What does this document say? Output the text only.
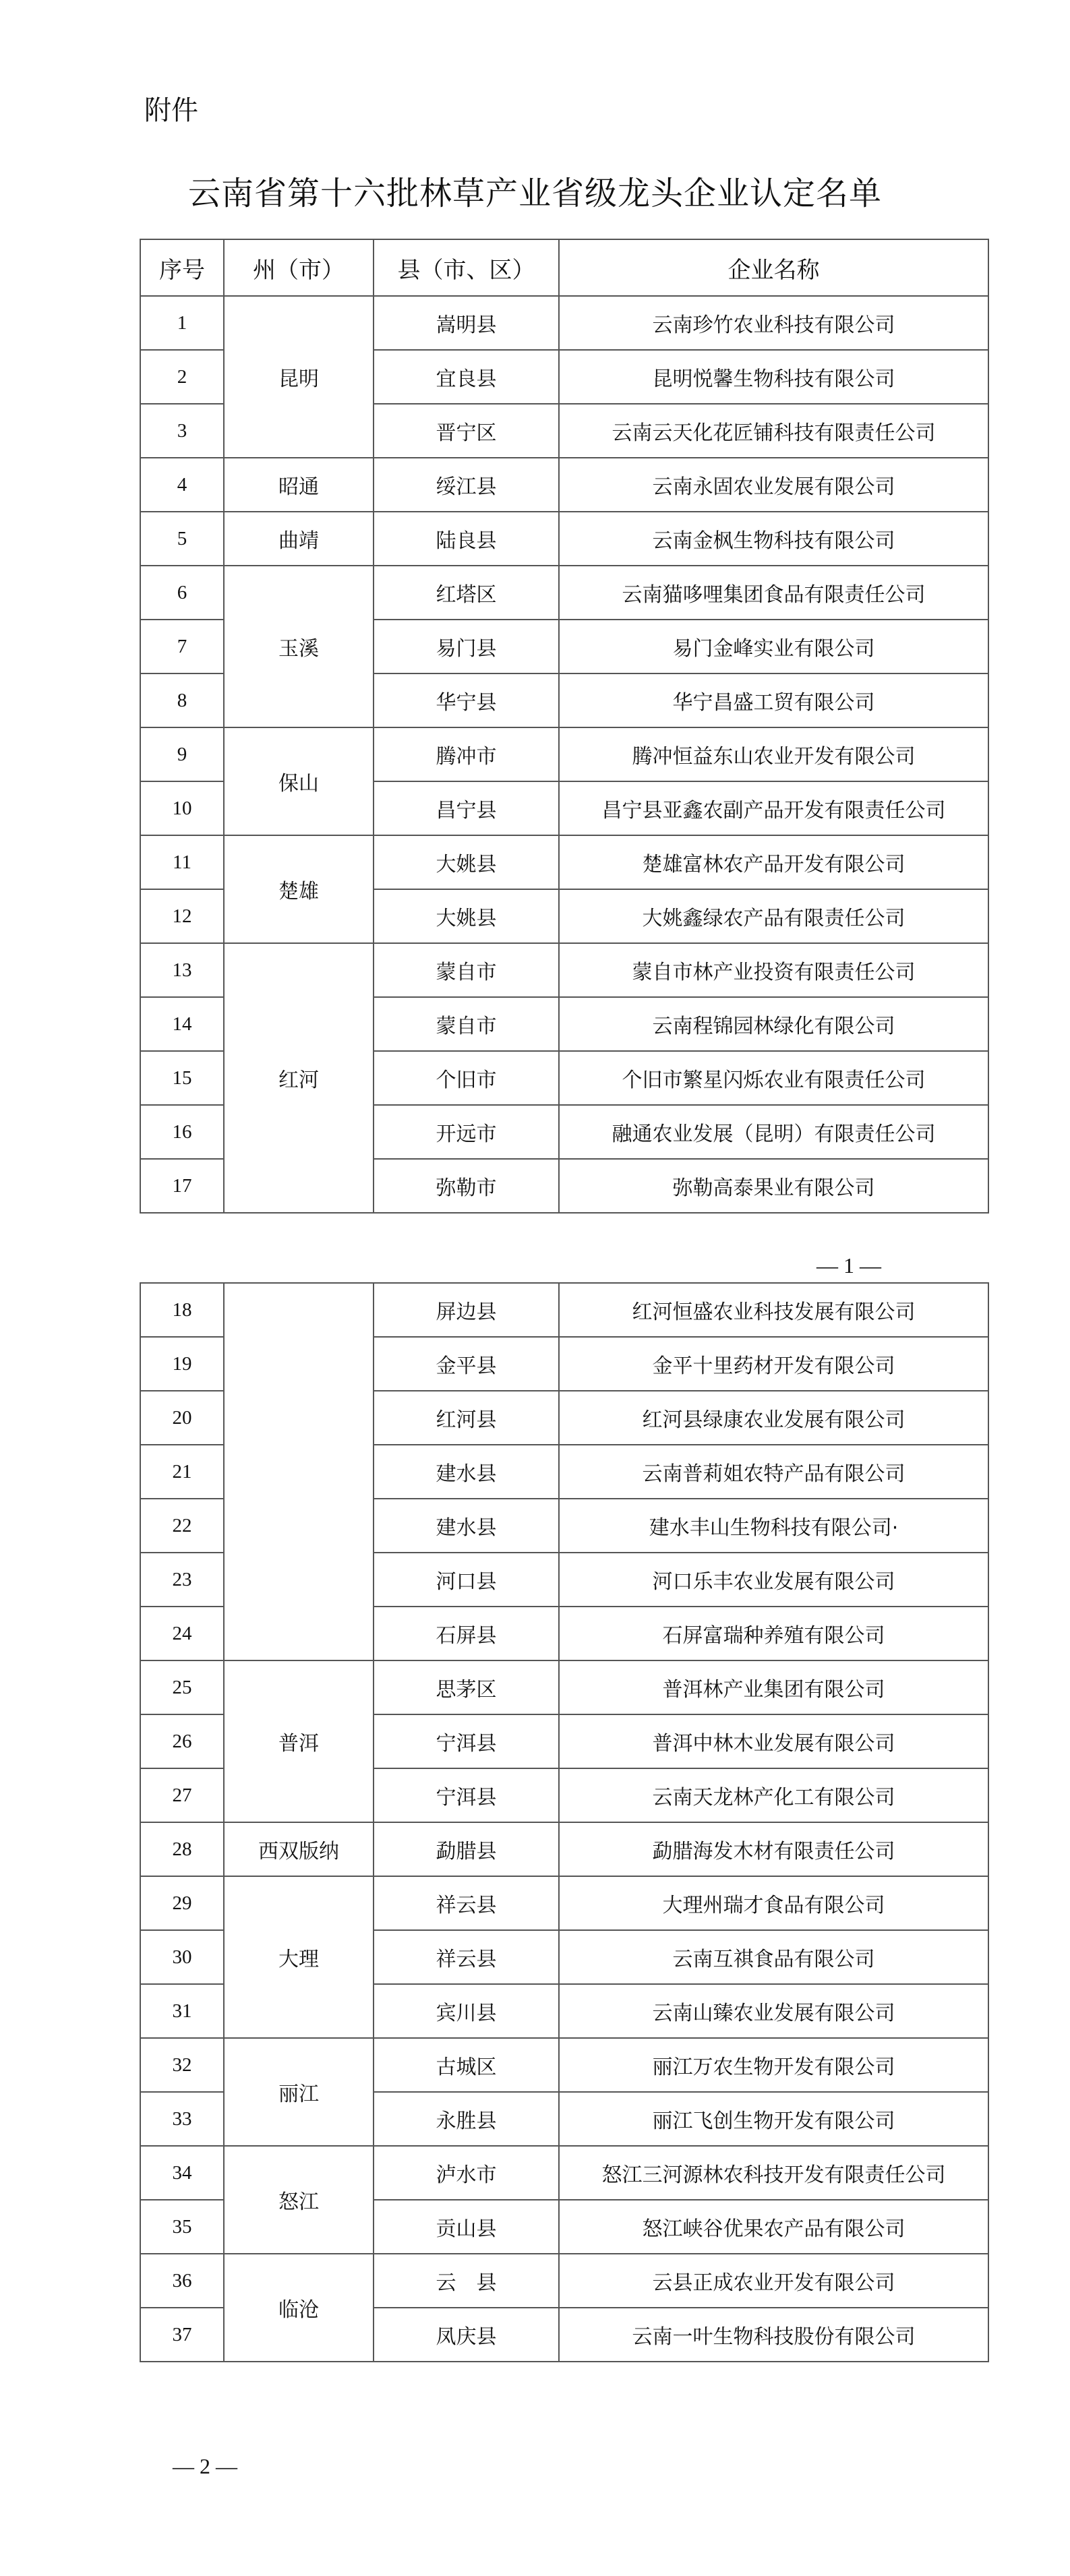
附件
云南省第十六批林草产业省级龙头企业认定名单
序号	州（市）	县（市、区）	企业名称
1	昆明	嵩明县	云南珍竹农业科技有限公司
2		宜良县	昆明悦馨生物科技有限公司
3		晋宁区	云南云天化花匠铺科技有限责任公司
4	昭通	绥江县	云南永固农业发展有限公司
5	曲靖	陆良县	云南金枫生物科技有限公司
6	玉溪	红塔区	云南猫哆哩集团食品有限责任公司
7		易门县	易门金峰实业有限公司
8		华宁县	华宁昌盛工贸有限公司
9	保山	腾冲市	腾冲恒益东山农业开发有限公司
10		昌宁县	昌宁县亚鑫农副产品开发有限责任公司
11	楚雄	大姚县	楚雄富林农产品开发有限公司
12		大姚县	大姚鑫绿农产品有限责任公司
13	红河	蒙自市	蒙自市林产业投资有限责任公司
14		蒙自市	云南程锦园林绿化有限公司
15		个旧市	个旧市繁星闪烁农业有限责任公司
16		开远市	融通农业发展（昆明）有限责任公司
17		弥勒市	弥勒高泰果业有限公司
— 1 —
18		屏边县	红河恒盛农业科技发展有限公司
19		金平县	金平十里药材开发有限公司
20		红河县	红河县绿康农业发展有限公司
21		建水县	云南普莉姐农特产品有限公司
22		建水县	建水丰山生物科技有限公司·
23		河口县	河口乐丰农业发展有限公司
24		石屏县	石屏富瑞种养殖有限公司
25	普洱	思茅区	普洱林产业集团有限公司
26		宁洱县	普洱中林木业发展有限公司
27		宁洱县	云南天龙林产化工有限公司
28	西双版纳	勐腊县	勐腊海发木材有限责任公司
29	大理	祥云县	大理州瑞才食品有限公司
30		祥云县	云南互祺食品有限公司
31		宾川县	云南山臻农业发展有限公司
32	丽江	古城区	丽江万农生物开发有限公司
33		永胜县	丽江飞创生物开发有限公司
34	怒江	泸水市	怒江三河源林农科技开发有限责任公司
35		贡山县	怒江峡谷优果农产品有限公司
36	临沧	云　县	云县正成农业开发有限公司
37		凤庆县	云南一叶生物科技股份有限公司
— 2 —
